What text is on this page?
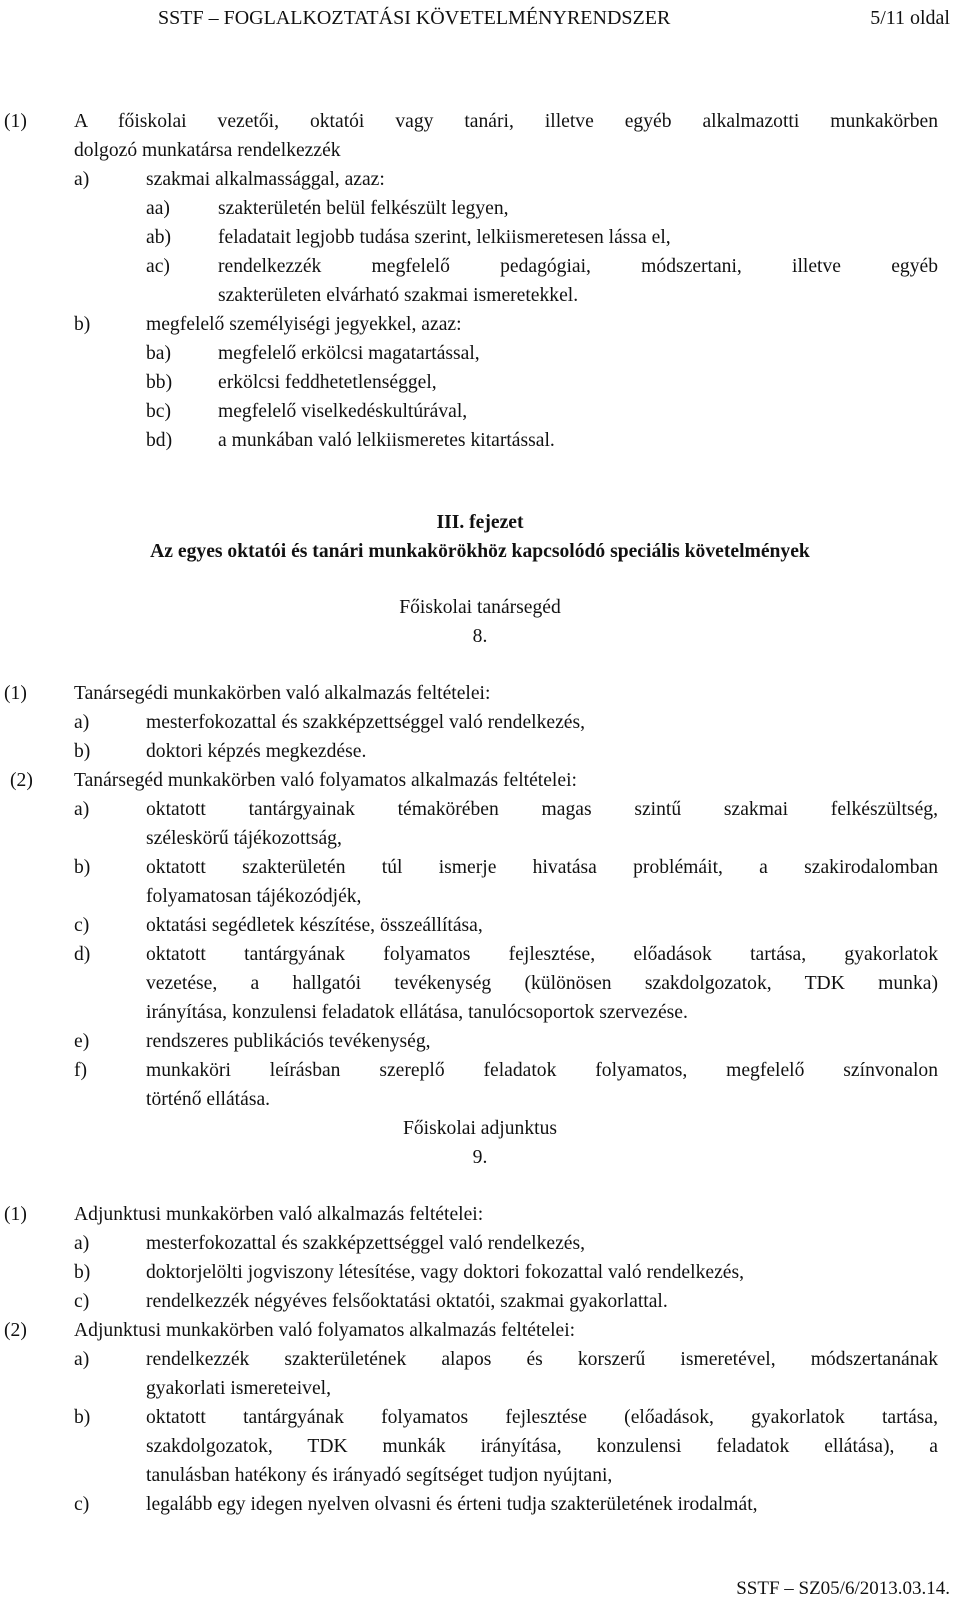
SSTF – FOGLALKOZTATÁSI KÖVETELMÉNYRENDSZER	5/11 oldal
(1) A főiskolai vezetői, oktatói vagy tanári, illetve egyéb alkalmazotti munkakörben
dolgozó munkatársa rendelkezzék
a)	szakmai alkalmassággal, azaz:
aa) szakterületén belül felkészült legyen,
ab) feladatait legjobb tudása szerint, lelkiismeretesen lássa el,
ac) rendelkezzék megfelelő pedagógiai, módszertani, illetve egyéb
szakterületen elvárható szakmai ismeretekkel.
b)	megfelelő személyiségi jegyekkel, azaz:
ba) megfelelő erkölcsi magatartással,
bb) erkölcsi feddhetetlenséggel,
bc) megfelelő viselkedéskultúrával,
bd) a munkában való lelkiismeretes kitartással.
III. fejezet
Az egyes oktatói és tanári munkakörökhöz kapcsolódó speciális követelmények
Főiskolai tanársegéd
8.
(1) Tanársegédi munkakörben való alkalmazás feltételei:
a)	mesterfokozattal és szakképzettséggel való rendelkezés,
b)	doktori képzés megkezdése.
(2) Tanársegéd munkakörben való folyamatos alkalmazás feltételei:
a)	oktatott tantárgyainak témakörében magas szintű szakmai felkészültség,
széleskörű tájékozottság,
b)	oktatott szakterületén túl ismerje hivatása problémáit, a szakirodalomban
folyamatosan tájékozódjék,
c)	oktatási segédletek készítése, összeállítása,
d)	oktatott tantárgyának folyamatos fejlesztése, előadások tartása, gyakorlatok
vezetése, a hallgatói tevékenység (különösen szakdolgozatok, TDK munka)
irányítása, konzulensi feladatok ellátása, tanulócsoportok szervezése.
e)	rendszeres publikációs tevékenység,
f)	munkaköri leírásban szereplő feladatok folyamatos, megfelelő színvonalon
történő ellátása.
Főiskolai adjunktus
9.
(1) Adjunktusi munkakörben való alkalmazás feltételei:
a)	mesterfokozattal és szakképzettséggel való rendelkezés,
b)	doktorjelölti jogviszony létesítése, vagy doktori fokozattal való rendelkezés,
c)	rendelkezzék négyéves felsőoktatási oktatói, szakmai gyakorlattal.
(2) Adjunktusi munkakörben való folyamatos alkalmazás feltételei:
a)	rendelkezzék szakterületének alapos és korszerű ismeretével, módszertanának
gyakorlati ismereteivel,
b)	oktatott tantárgyának folyamatos fejlesztése (előadások, gyakorlatok tartása,
szakdolgozatok, TDK munkák irányítása, konzulensi feladatok ellátása), a
tanulásban hatékony és irányadó segítséget tudjon nyújtani,
c)	legalább egy idegen nyelven olvasni és érteni tudja szakterületének irodalmát,
SSTF – SZ05/6/2013.03.14.
